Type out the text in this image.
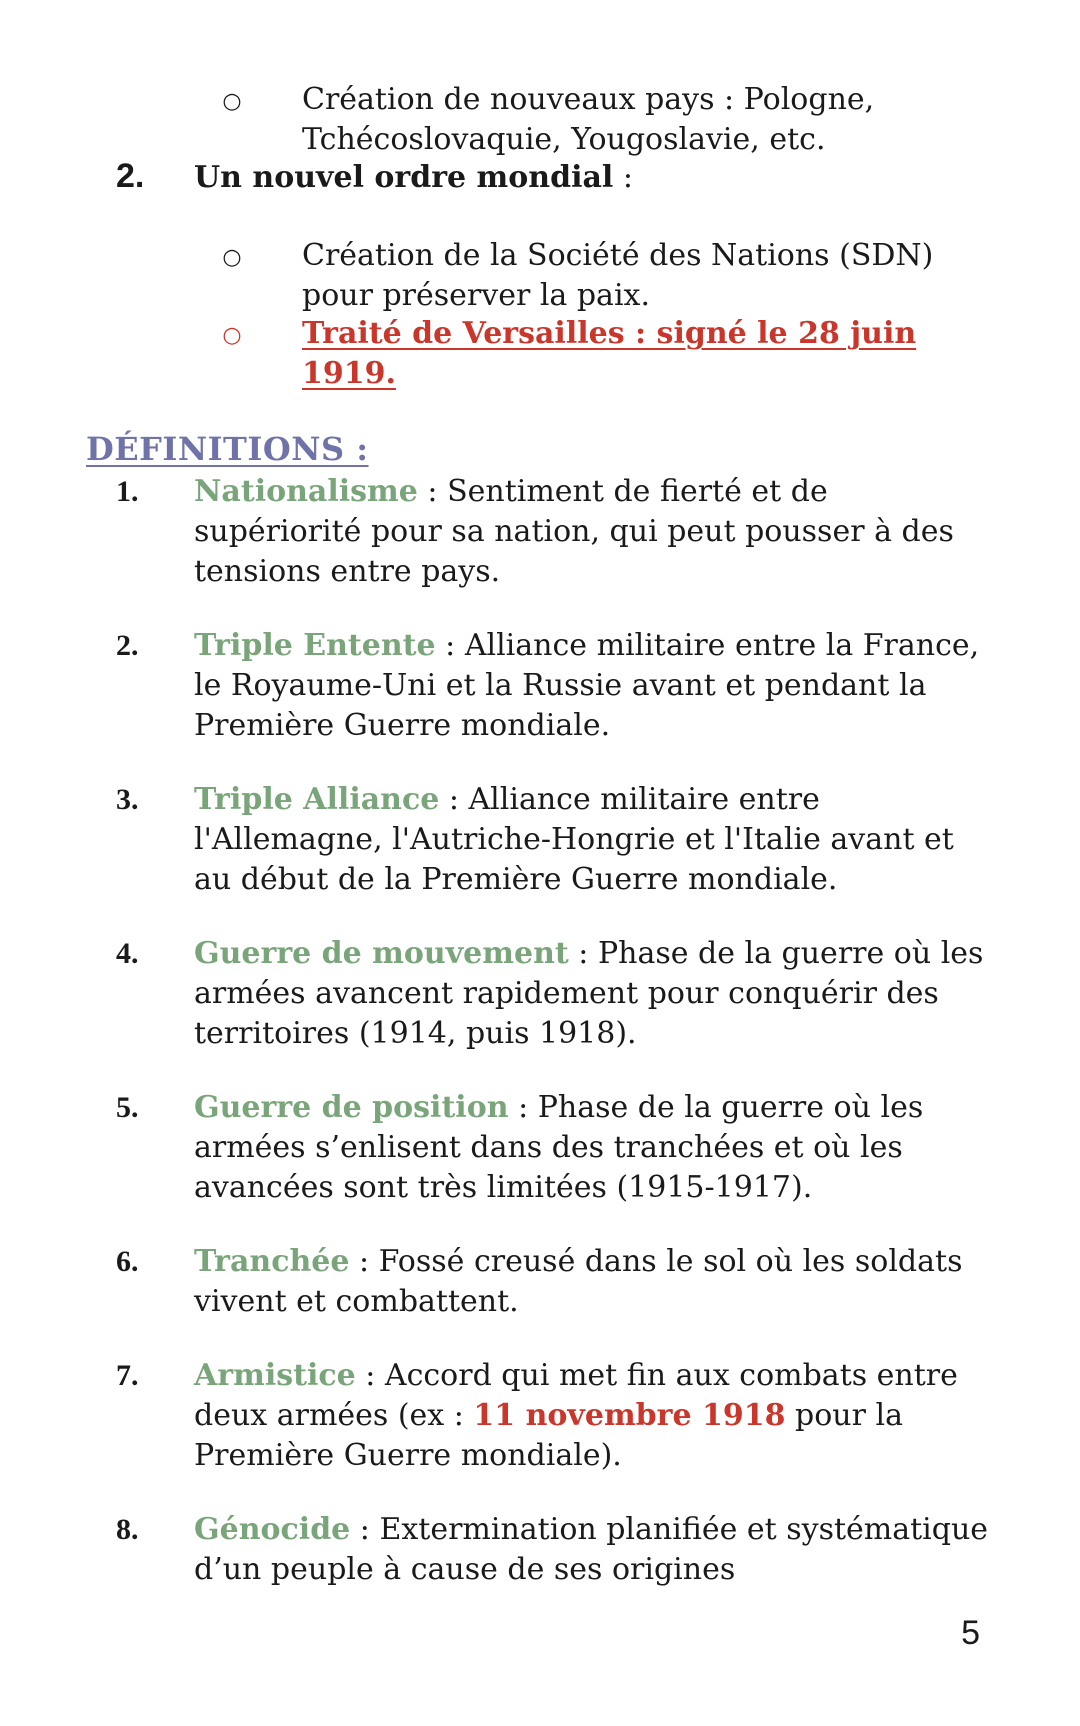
○ Création de nouveaux pays : Pologne, Tchécoslovaquie, Yougoslavie, etc.
2. Un nouvel ordre mondial :
○ Création de la Société des Nations (SDN) pour préserver la paix.
○ Traité de Versailles : signé le 28 juin 1919.
DÉFINITIONS :
1. Nationalisme : Sentiment de fierté et de supériorité pour sa nation, qui peut pousser à des tensions entre pays.
2. Triple Entente : Alliance militaire entre la France, le Royaume-Uni et la Russie avant et pendant la Première Guerre mondiale.
3. Triple Alliance : Alliance militaire entre l'Allemagne, l'Autriche-Hongrie et l'Italie avant et au début de la Première Guerre mondiale.
4. Guerre de mouvement : Phase de la guerre où les armées avancent rapidement pour conquérir des territoires (1914, puis 1918).
5. Guerre de position : Phase de la guerre où les armées s’enlisent dans des tranchées et où les avancées sont très limitées (1915-1917).
6. Tranchée : Fossé creusé dans le sol où les soldats vivent et combattent.
7. Armistice : Accord qui met fin aux combats entre deux armées (ex : 11 novembre 1918 pour la Première Guerre mondiale).
8. Génocide : Extermination planifiée et systématique d’un peuple à cause de ses origines
5
